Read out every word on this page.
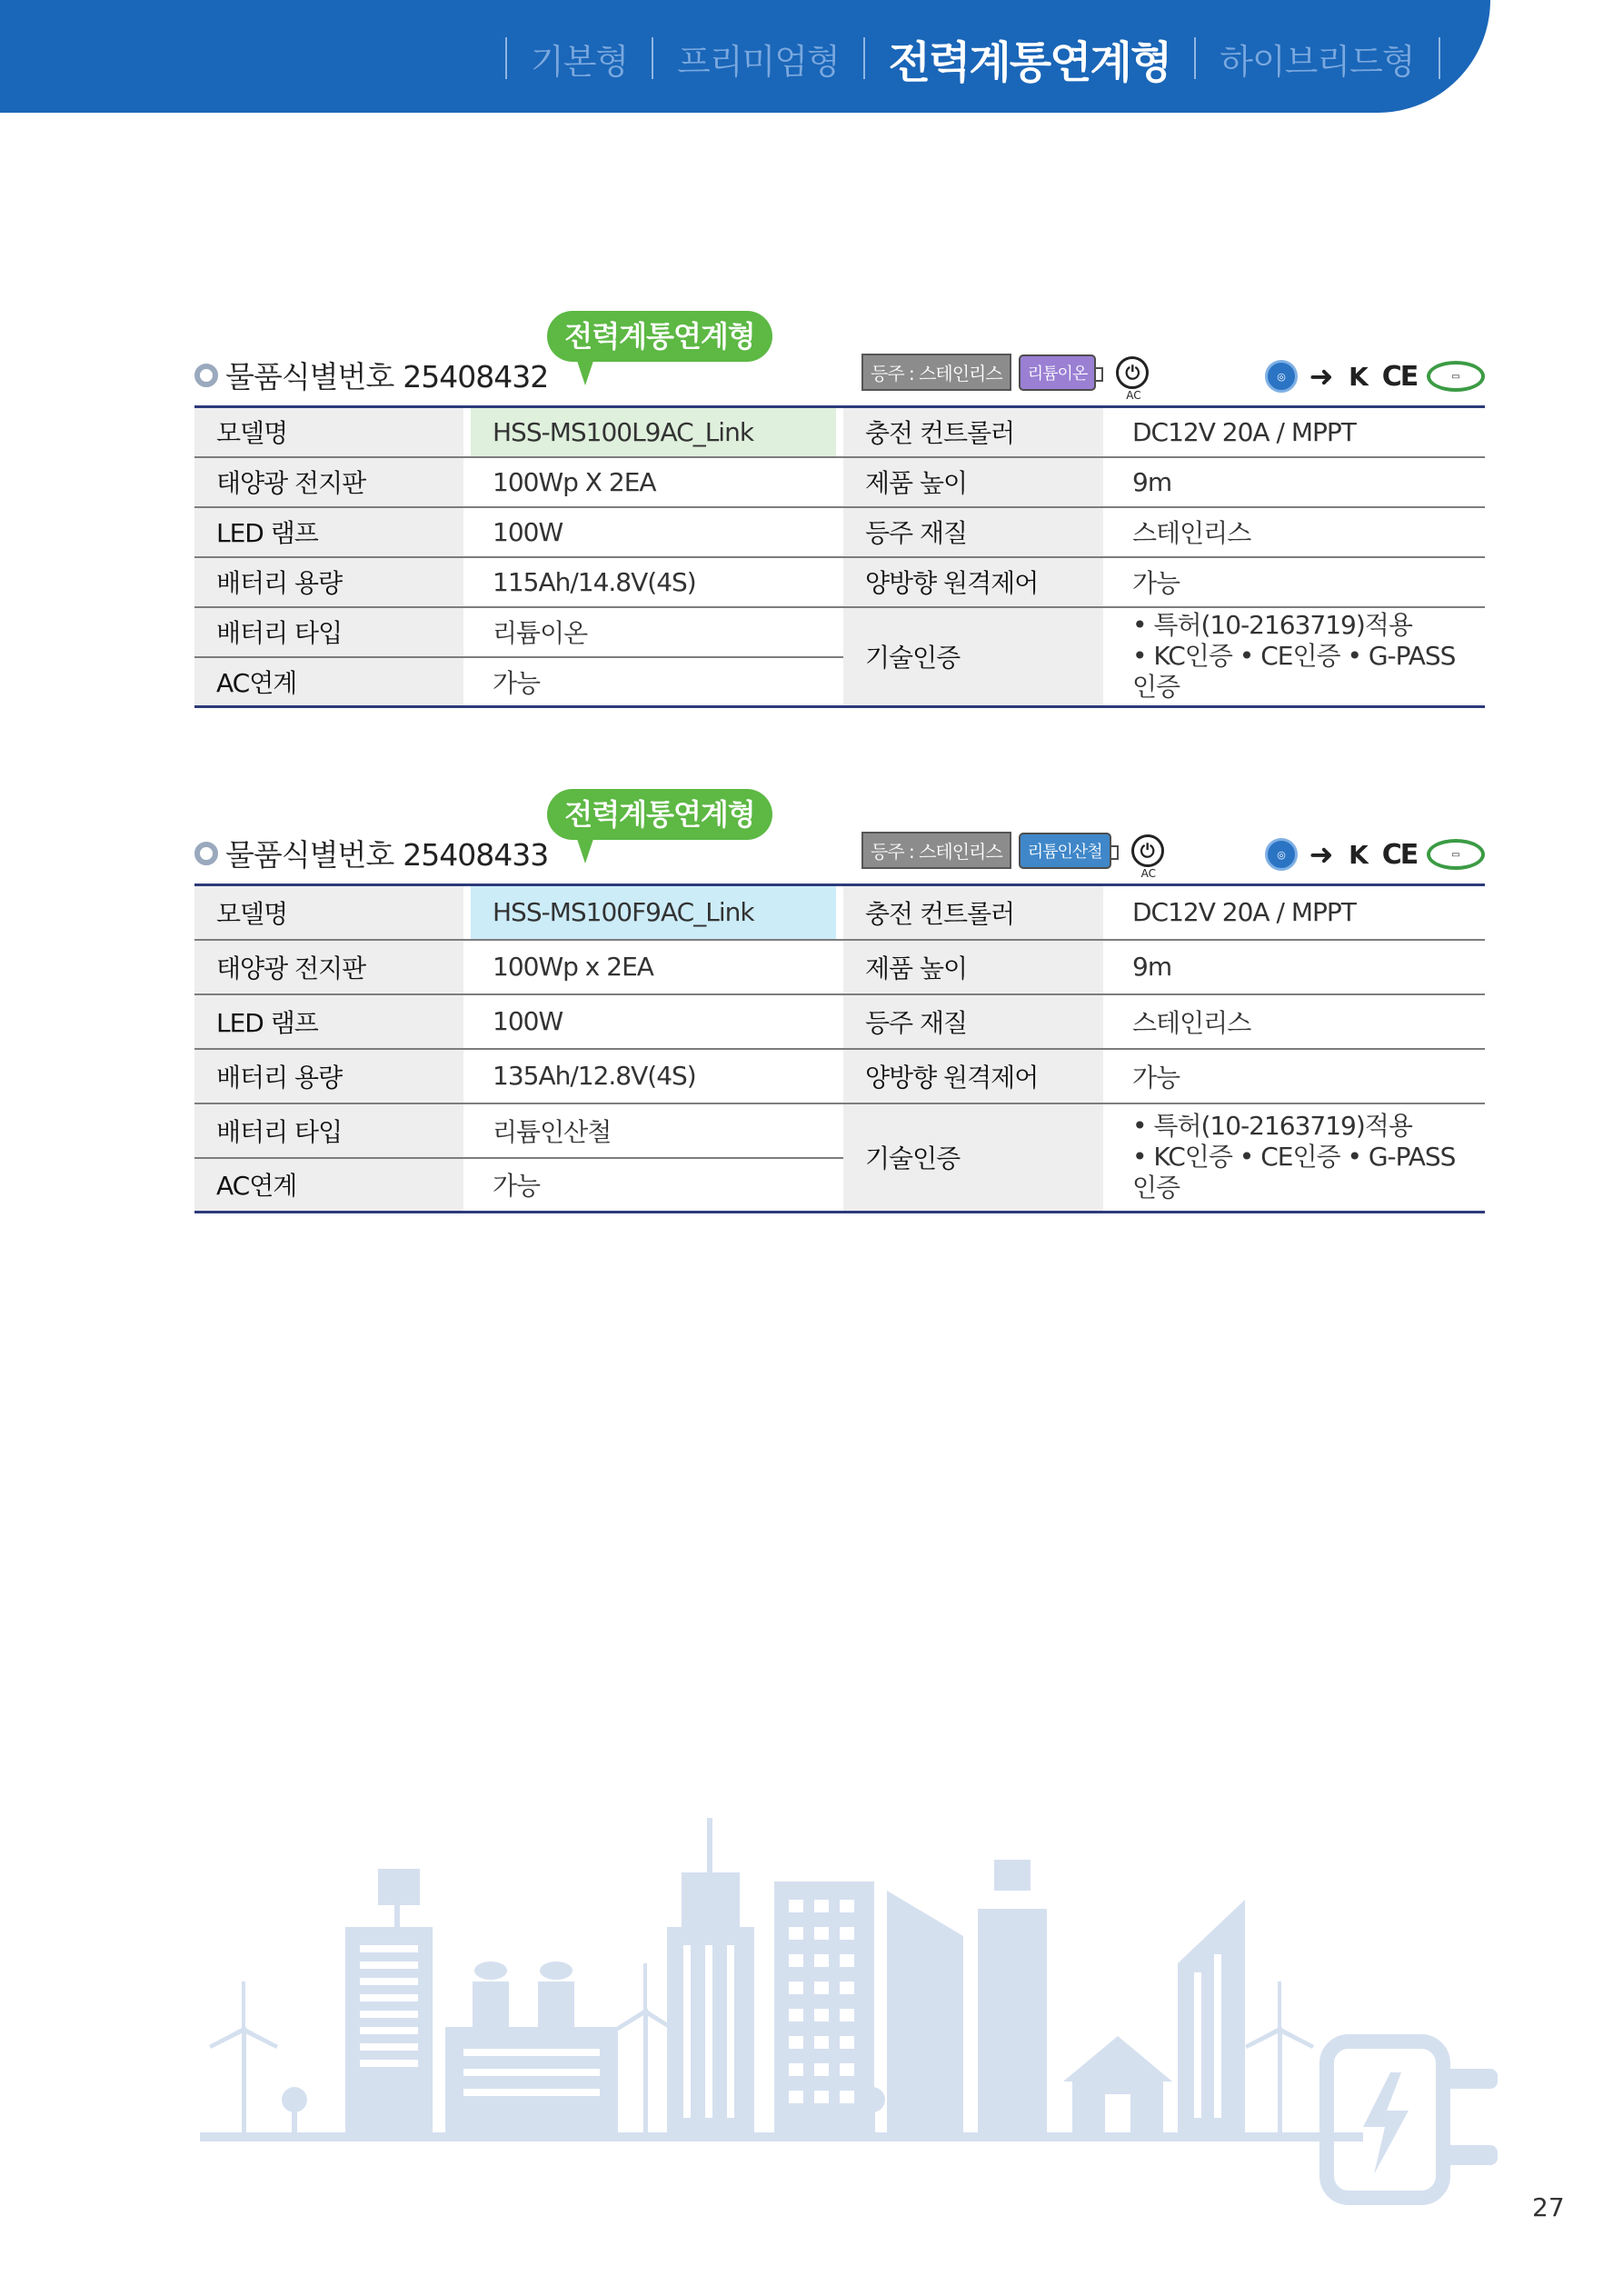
기본형 프리미엄형 전력계통연계형 하이브리드형
물품식별번호 25408432
전력계통연계형
등주 : 스테인리스	리튬이온	⏻
AC
◎ ➜ K CE	▭
모델명		HSS-MS100L9AC_Link		충전 컨트롤러		DC12V 20A / MPPT
태양광 전지판		100Wp X 2EA		제품 높이		9m
LED 램프		100W		등주 재질		스테인리스
배터리 용량		115Ah/14.8V(4S)		양방향 원격제어		가능
배터리 타입		리튬이온		기술인증		• 특허(10-2163719)적용
• KC인증 • CE인증 • G-PASS인증

AC연계		가능				
물품식별번호 25408433
전력계통연계형
등주 : 스테인리스	리튬인산철	⏻
AC
◎ ➜ K CE	▭
모델명		HSS-MS100F9AC_Link		충전 컨트롤러		DC12V 20A / MPPT
태양광 전지판		100Wp x 2EA		제품 높이		9m
LED 램프		100W		등주 재질		스테인리스
배터리 용량		135Ah/12.8V(4S)		양방향 원격제어		가능
배터리 타입		리튬인산철		기술인증		• 특허(10-2163719)적용
• KC인증 • CE인증 • G-PASS인증

AC연계		가능				
27
